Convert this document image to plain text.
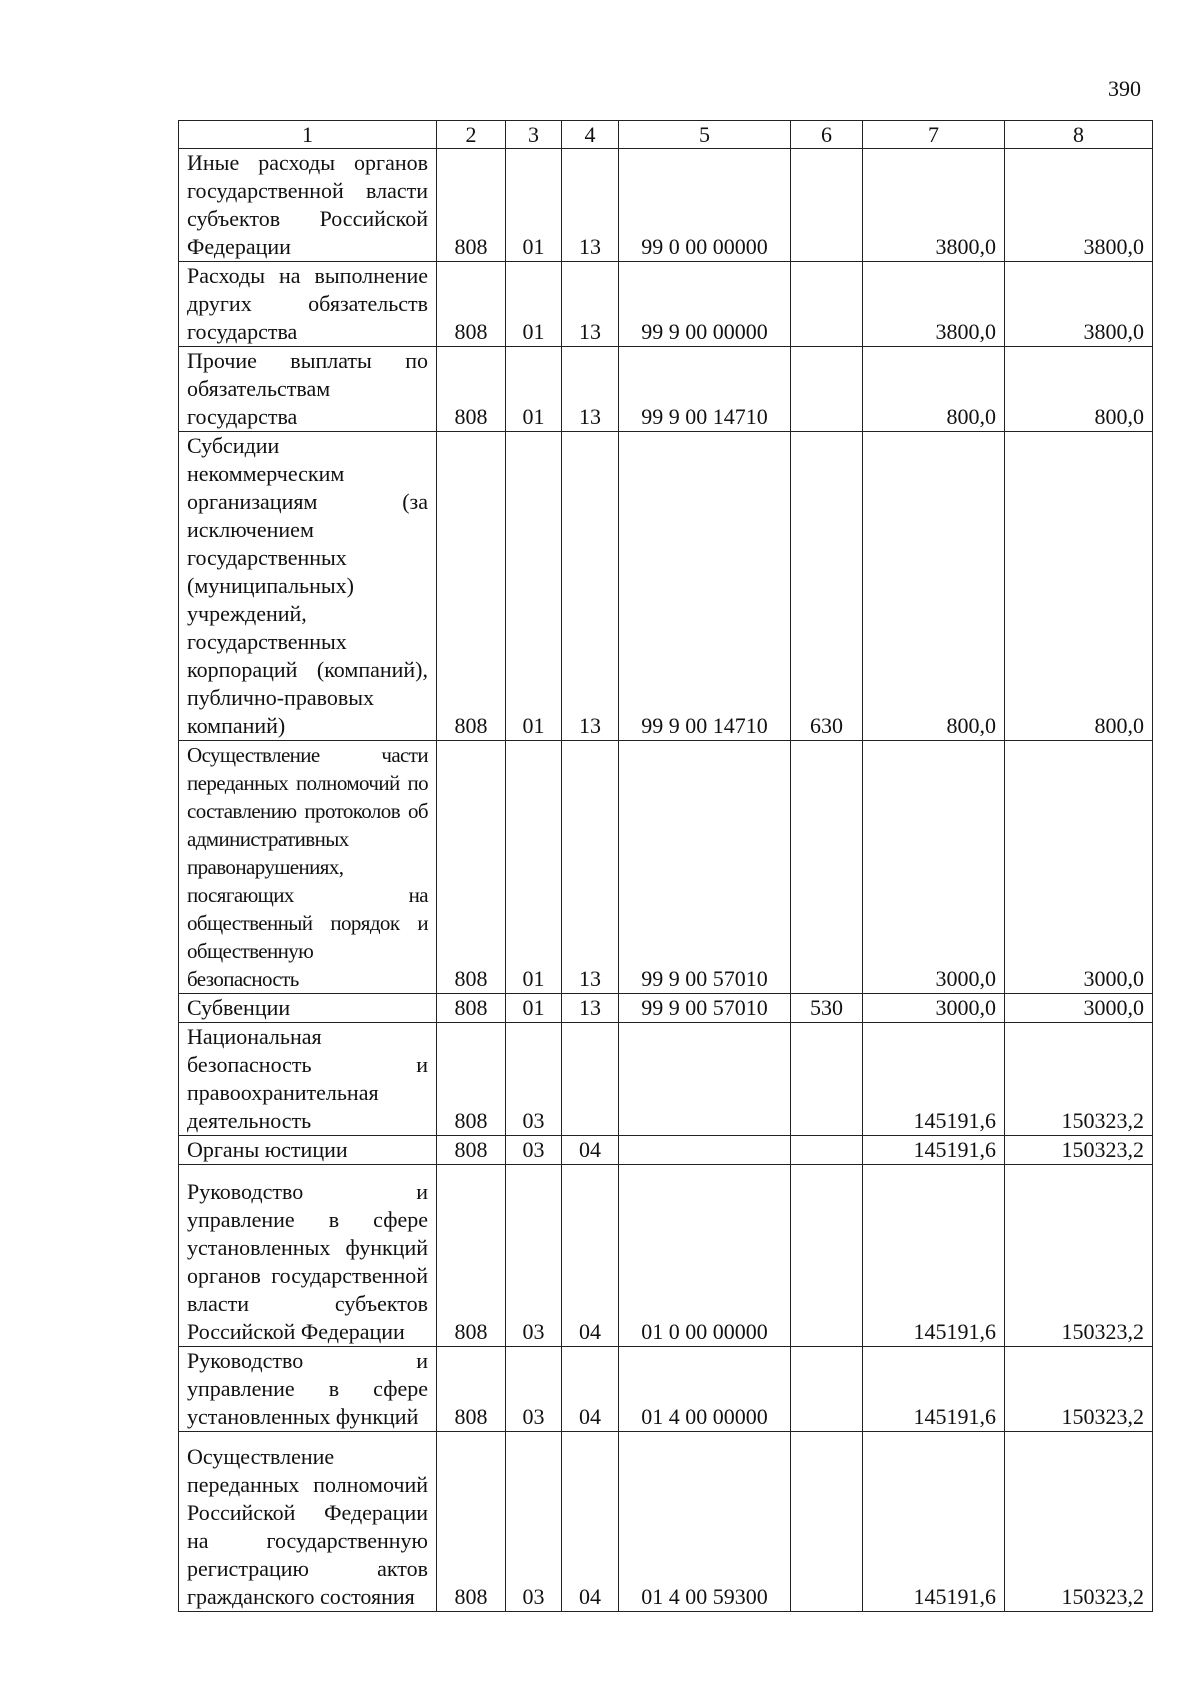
390
1	2	3	4	5	6	7	8
Иные расходы органов государственной власти субъектов Российской Федерации	808	01	13	99 0 00 00000		3800,0	3800,0
Расходы на выполнение других обязательств государства	808	01	13	99 9 00 00000		3800,0	3800,0
Прочие выплаты по обязательствам государства	808	01	13	99 9 00 14710		800,0	800,0
Субсидии некоммерческим организациям (за исключением государственных (муниципальных) учреждений, государственных корпораций (компаний), публично-правовых компаний)	808	01	13	99 9 00 14710	630	800,0	800,0
Осуществление части переданных полномочий по составлению протоколов об административных правонарушениях, посягающих на общественный порядок и общественную безопасность	808	01	13	99 9 00 57010		3000,0	3000,0
Субвенции	808	01	13	99 9 00 57010	530	3000,0	3000,0
Национальная безопасность и правоохранительная деятельность	808	03				145191,6	150323,2
Органы юстиции	808	03	04			145191,6	150323,2
Руководство и управление в сфере установленных функций органов государственной власти субъектов Российской Федерации	808	03	04	01 0 00 00000		145191,6	150323,2
Руководство и управление в сфере установленных функций	808	03	04	01 4 00 00000		145191,6	150323,2
Осуществление переданных полномочий Российской Федерации на государственную регистрацию актов гражданского состояния	808	03	04	01 4 00 59300		145191,6	150323,2
